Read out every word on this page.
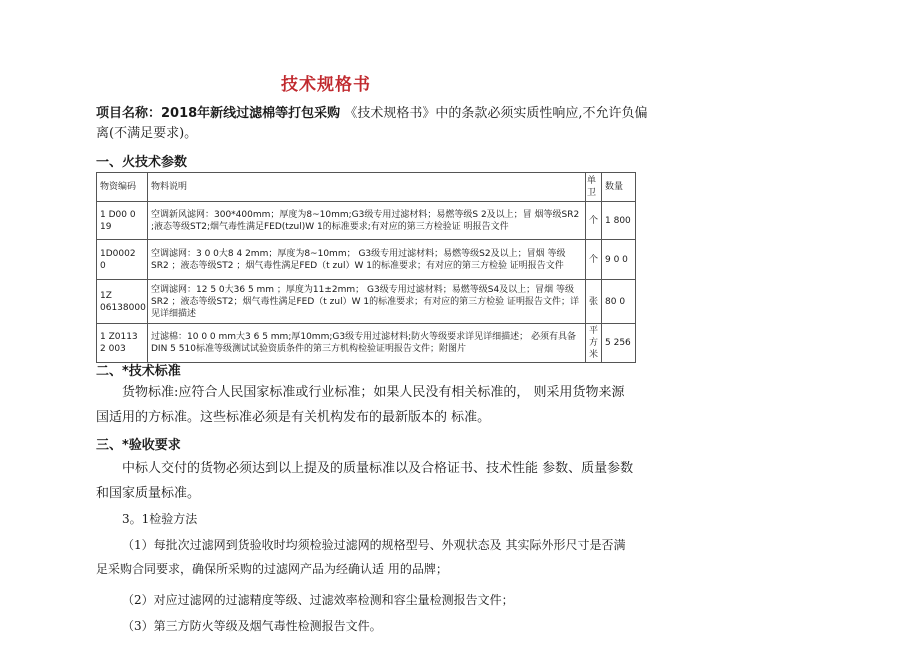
技术规格书
项目名称：2018年新线过滤棉等打包采购 《技术规格书》中的条款必须实质性响应,不允许负偏离(不满足要求)。
一、火技术参数
物资编码	物料说明	单卫	数量
1 D00 0 19	空调新风滤网：300*400mm；厚度为8~10mm;G3级专用过滤材料；易燃等级S 2及以上；冒 烟等级SR2 ;液态等级ST2;烟气毒性满足FED(tzul)W 1的标准要求;有对应的第三方检验证 明报告文件	个	1 800
1D0002 0	空调滤网：3 0 0大8 4 2mm；厚度为8~10mm； G3级专用过滤材料；易燃等级S2及以上；冒烟 等级SR2 ；液态等级ST2 ；烟气毒性满足FED（t zul）W 1的标准要求；有对应的第三方检验 证明报告文件	个	9 0 0
1Z 06138000	空调滤网：12 5 0大36 5 mm ；厚度为11±2mm； G3级专用过滤材料；易燃等级S4及以上；冒烟 等级SR2 ；液态等级ST2；烟气毒性满足FED（t zul）W 1的标准要求；有对应的第三方检验 证明报告文件；详见详细描述	张	80 0
1 Z0113 2 003	过滤棉：10 0 0 mm大3 6 5 mm;厚10mm;G3级专用过滤材料;防火等级要求详见详细描述； 必须有具备DIN 5 510标准等级测试试验资质条件的第三方机构检验证明报告文件；附图片	平方米	5 256
二、*技术标准
货物标准:应符合人民国家标准或行业标准；如果人民没有相关标准的， 则采用货物来源国适用的方标准。这些标准必须是有关机构发布的最新版本的 标准。
三、*验收要求
中标人交付的货物必须达到以上提及的质量标准以及合格证书、技术性能 参数、质量参数和国家质量标准。
3。1检验方法
（1）每批次过滤网到货验收时均须检验过滤网的规格型号、外观状态及 其实际外形尺寸是否满足采购合同要求，确保所采购的过滤网产品为经确认适 用的品牌；
（2）对应过滤网的过滤精度等级、过滤效率检测和容尘量检测报告文件；
（3）第三方防火等级及烟气毒性检测报告文件。
